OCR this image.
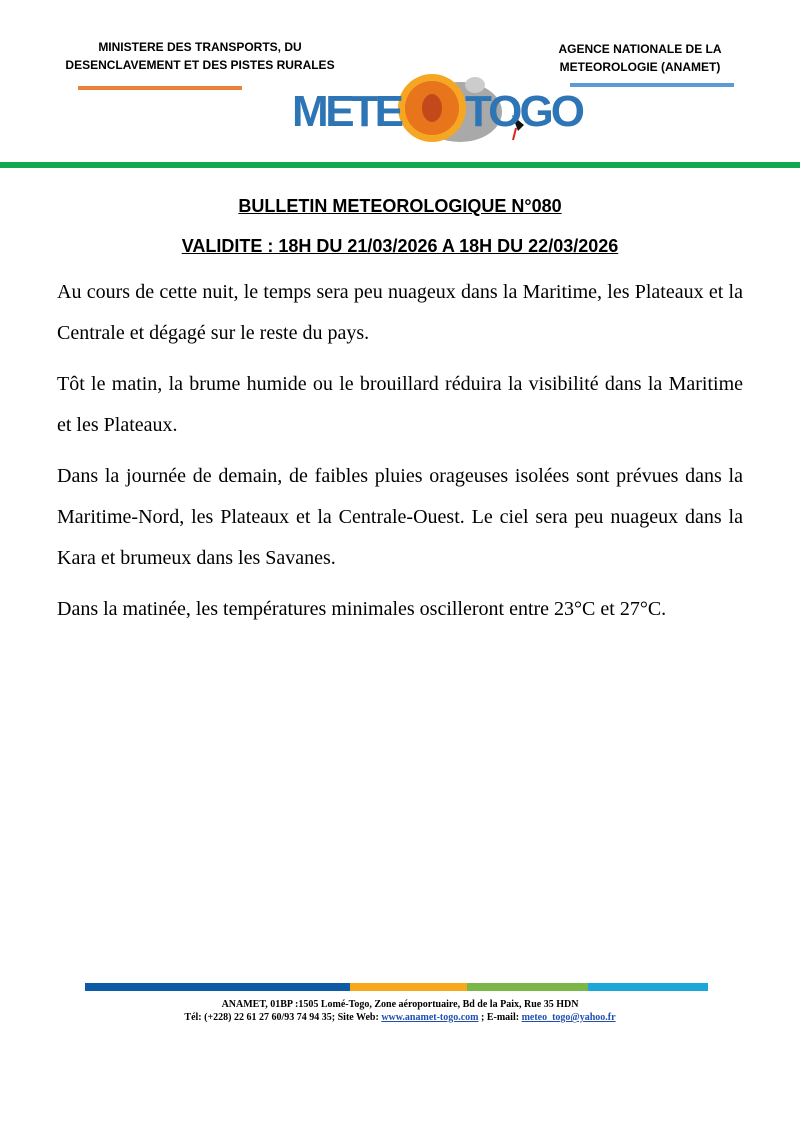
MINISTERE DES TRANSPORTS, DU
DESENCLAVEMENT ET DES PISTES RURALES
AGENCE NATIONALE DE LA
METEOROLOGIE (ANAMET)
METE TOGO
BULLETIN METEOROLOGIQUE N°080
VALIDITE : 18H DU 21/03/2026 A 18H DU 22/03/2026

Au cours de cette nuit, le temps sera peu nuageux dans la Maritime, les Plateaux et la Centrale et dégagé sur le reste du pays.

Tôt le matin, la brume humide ou le brouillard réduira la visibilité dans la Maritime et les Plateaux.

Dans la journée de demain, de faibles pluies orageuses isolées sont prévues dans la Maritime-Nord, les Plateaux et la Centrale-Ouest. Le ciel sera peu nuageux dans la Kara et brumeux dans les Savanes.

Dans la matinée, les températures minimales oscilleront entre 23°C et 27°C.

ANAMET, 01BP :1505 Lomé-Togo, Zone aéroportuaire, Bd de la Paix, Rue 35 HDN
Tél: (+228) 22 61 27 60/93 74 94 35; Site Web: www.anamet-togo.com ; E-mail: meteo_togo@yahoo.fr
